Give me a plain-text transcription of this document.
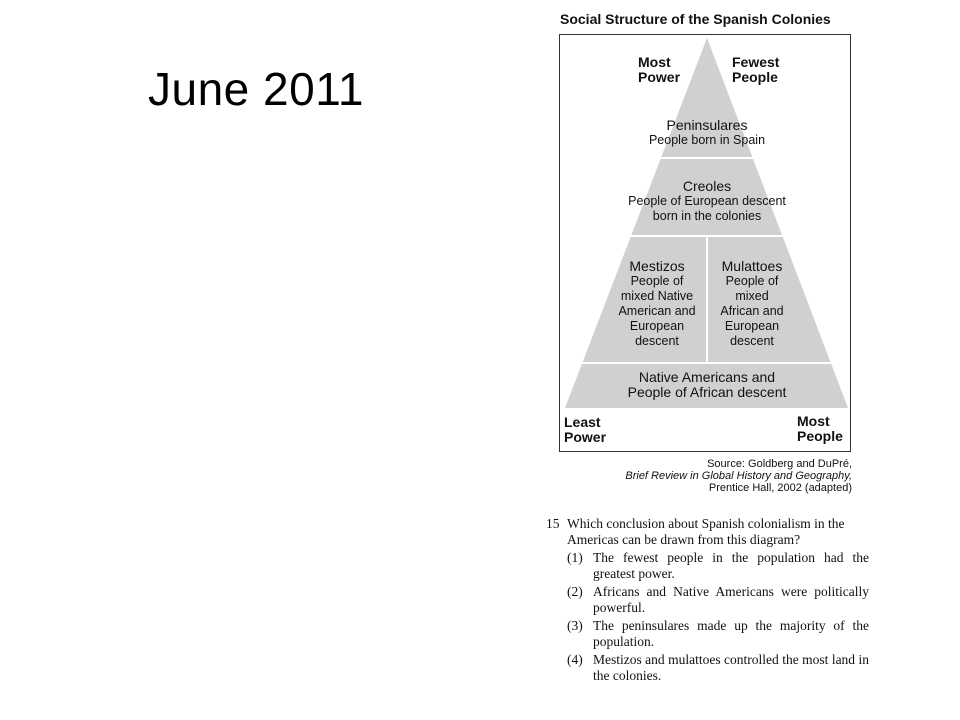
June 2011
Social Structure of the Spanish Colonies
Most
Power
Fewest
People
Least
Power
Most
People
Peninsulares
People born in Spain
Creoles
People of European descent
born in the colonies
Mestizos
People of
mixed Native
American and
European
descent
Mulattoes
People of
mixed
African and
European
descent
Native Americans and
People of African descent
Source: Goldberg and DuPré,
Brief Review in Global History and Geography,
Prentice Hall, 2002 (adapted)
15 Which conclusion about Spanish colonialism in the Americas can be drawn from this diagram?
(1) The fewest people in the population had the greatest power.
(2) Africans and Native Americans were politically powerful.
(3) The peninsulares made up the majority of the population.
(4) Mestizos and mulattoes controlled the most land in the colonies.
